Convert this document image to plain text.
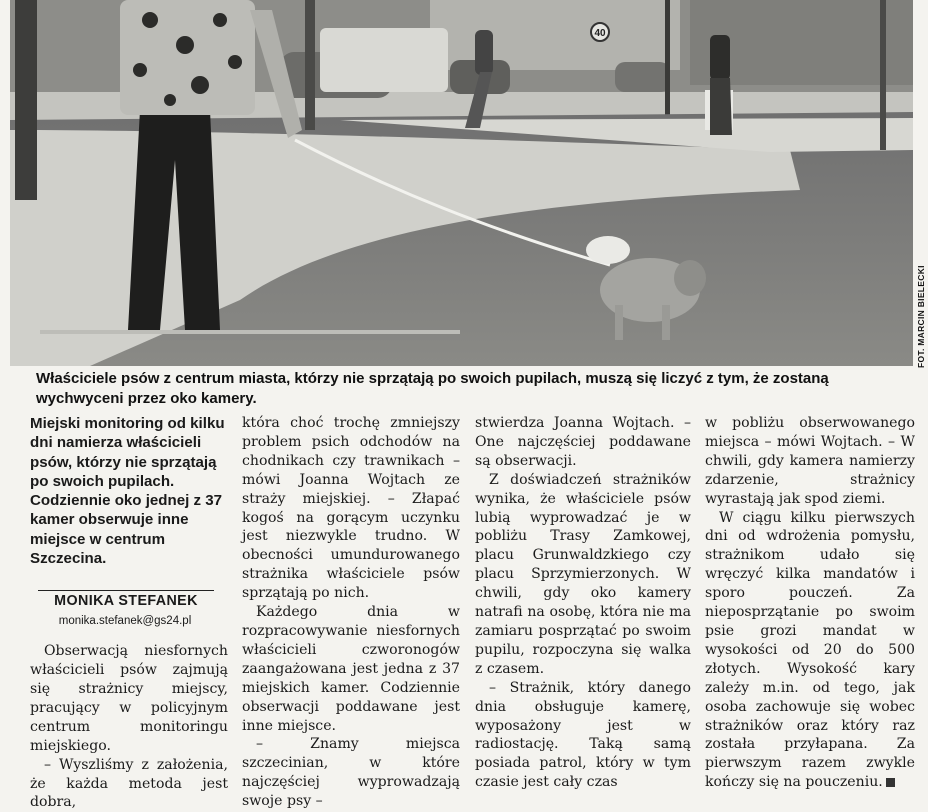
40
FOT. MARCIN BIELECKI

Właściciele psów z centrum miasta, którzy nie sprzątają po swoich pupilach, muszą się liczyć z tym, że zostaną wychwyceni przez oko kamery.

Miejski monitoring od kilku dni namierza właścicieli psów, którzy nie sprzątają po swoich pupilach. Codziennie oko jednej z 37 kamer obserwuje inne miejsce w centrum Szczecina.

MONIKA STEFANEK
monika.stefanek@gs24.pl

Obserwacją niesfornych właścicieli psów zajmują się strażnicy miejscy, pracujący w policyjnym centrum monitoringu miejskiego.

– Wyszliśmy z założenia, że każda metoda jest dobra,

która choć trochę zmniejszy problem psich odchodów na chodnikach czy trawnikach – mówi Joanna Wojtach ze straży miejskiej. – Złapać kogoś na gorącym uczynku jest niezwykle trudno. W obecności umundurowanego strażnika właściciele psów sprzątają po nich.

Każdego dnia w rozpracowywanie niesfornych właścicieli czworonogów zaangażowana jest jedna z 37 miejskich kamer. Codziennie obserwacji poddawane jest inne miejsce.

– Znamy miejsca szczecinian, w które najczęściej wyprowadzają swoje psy –

stwierdza Joanna Wojtach. – One najczęściej poddawane są obserwacji.

Z doświadczeń strażników wynika, że właściciele psów lubią wyprowadzać je w pobliżu Trasy Zamkowej, placu Grunwaldzkiego czy placu Sprzymierzonych. W chwili, gdy oko kamery natrafi na osobę, która nie ma zamiaru posprzątać po swoim pupilu, rozpoczyna się walka z czasem.

– Strażnik, który danego dnia obsługuje kamerę, wyposażony jest w radiostację. Taką samą posiada patrol, który w tym czasie jest cały czas

w pobliżu obserwowanego miejsca – mówi Wojtach. – W chwili, gdy kamera namierzy zdarzenie, strażnicy wyrastają jak spod ziemi.

W ciągu kilku pierwszych dni od wdrożenia pomysłu, strażnikom udało się wręczyć kilka mandatów i sporo pouczeń. Za nieposprzątanie po swoim psie grozi mandat w wysokości od 20 do 500 złotych. Wysokość kary zależy m.in. od tego, jak osoba zachowuje się wobec strażników oraz który raz została przyłapana. Za pierwszym razem zwykle kończy się na pouczeniu.
